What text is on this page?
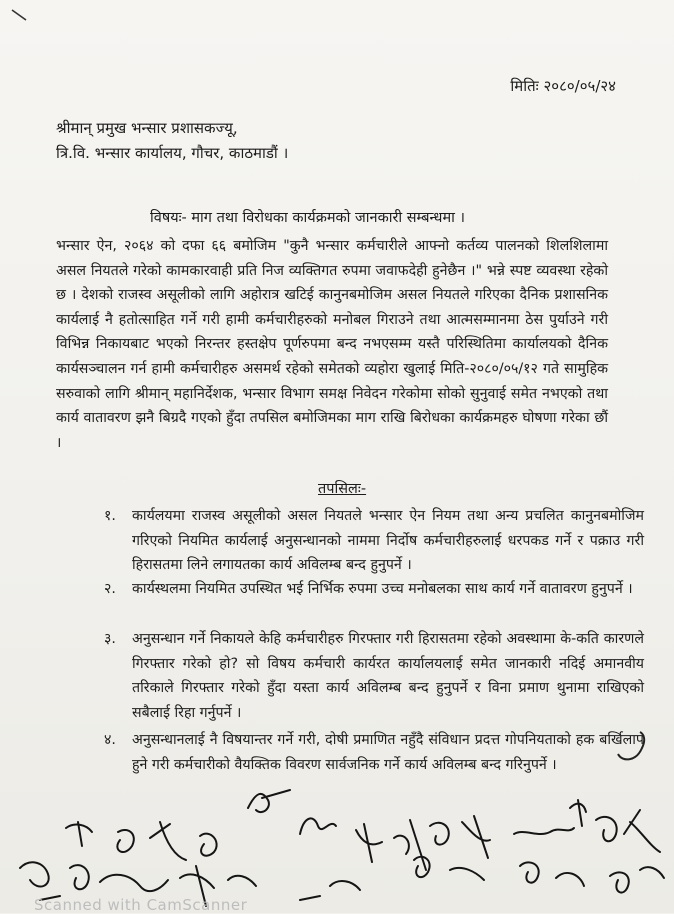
मितिः २०८०/०५/२४
श्रीमान् प्रमुख भन्सार प्रशासकज्यू,
त्रि.वि. भन्सार कार्यालय, गौचर, काठमाडौं ।
विषयः- माग तथा विरोधका कार्यक्रमको जानकारी सम्बन्धमा ।
भन्सार ऐन, २०६४ को दफा ६६ बमोजिम "कुनै भन्सार कर्मचारीले आफ्नो कर्तव्य पालनको शिलशिलामा असल नियतले गरेको कामकारवाही प्रति निज व्यक्तिगत रुपमा जवाफदेही हुनेछैन ।" भन्ने स्पष्ट व्यवस्था रहेको छ । देशको राजस्व असूलीको लागि अहोरात्र खटिई कानुनबमोजिम असल नियतले गरिएका दैनिक प्रशासनिक कार्यलाई नै हतोत्साहित गर्ने गरी हामी कर्मचारीहरुको मनोबल गिराउने तथा आत्मसम्मानमा ठेस पुर्याउने गरी विभिन्न निकायबाट भएको निरन्तर हस्तक्षेप पूर्णरुपमा बन्द नभएसम्म यस्तै परिस्थितिमा कार्यालयको दैनिक कार्यसञ्चालन गर्न हामी कर्मचारीहरु असमर्थ रहेको समेतको व्यहोरा खुलाई मिति-२०८०/०५/१२ गते सामुहिक सरुवाको लागि श्रीमान् महानिर्देशक, भन्सार विभाग समक्ष निवेदन गरेकोमा सोको सुनुवाई समेत नभएको तथा कार्य वातावरण झनै बिग्रदै गएको हुँदा तपसिल बमोजिमका माग राखि बिरोधका कार्यक्रमहरु घोषणा गरेका छौं ।
तपसिलः-
१. कार्यलयमा राजस्व असूलीको असल नियतले भन्सार ऐन नियम तथा अन्य प्रचलित कानुनबमोजिम गरिएको नियमित कार्यलाई अनुसन्धानको नाममा निर्दोष कर्मचारीहरुलाई धरपकड गर्ने र पक्राउ गरी हिरासतमा लिने लगायतका कार्य अविलम्ब बन्द हुनुपर्ने ।
२. कार्यस्थलमा नियमित उपस्थित भई निर्भिक रुपमा उच्च मनोबलका साथ कार्य गर्ने वातावरण हुनुपर्ने ।
३. अनुसन्धान गर्ने निकायले केहि कर्मचारीहरु गिरफ्तार गरी हिरासतमा रहेको अवस्थामा के-कति कारणले गिरफ्तार गरेको हो? सो विषय कर्मचारी कार्यरत कार्यालयलाई समेत जानकारी नदिई अमानवीय तरिकाले गिरफ्तार गरेको हुँदा यस्ता कार्य अविलम्ब बन्द हुनुपर्ने र विना प्रमाण थुनामा राखिएको सबैलाई रिहा गर्नुपर्ने ।
४. अनुसन्धानलाई नै विषयान्तर गर्ने गरी, दोषी प्रमाणित नहुँदै संविधान प्रदत्त गोपनियताको हक बर्खिलाप हुने गरी कर्मचारीको वैयक्तिक विवरण सार्वजनिक गर्ने कार्य अविलम्ब बन्द गरिनुपर्ने ।
Scanned with CamScanner
